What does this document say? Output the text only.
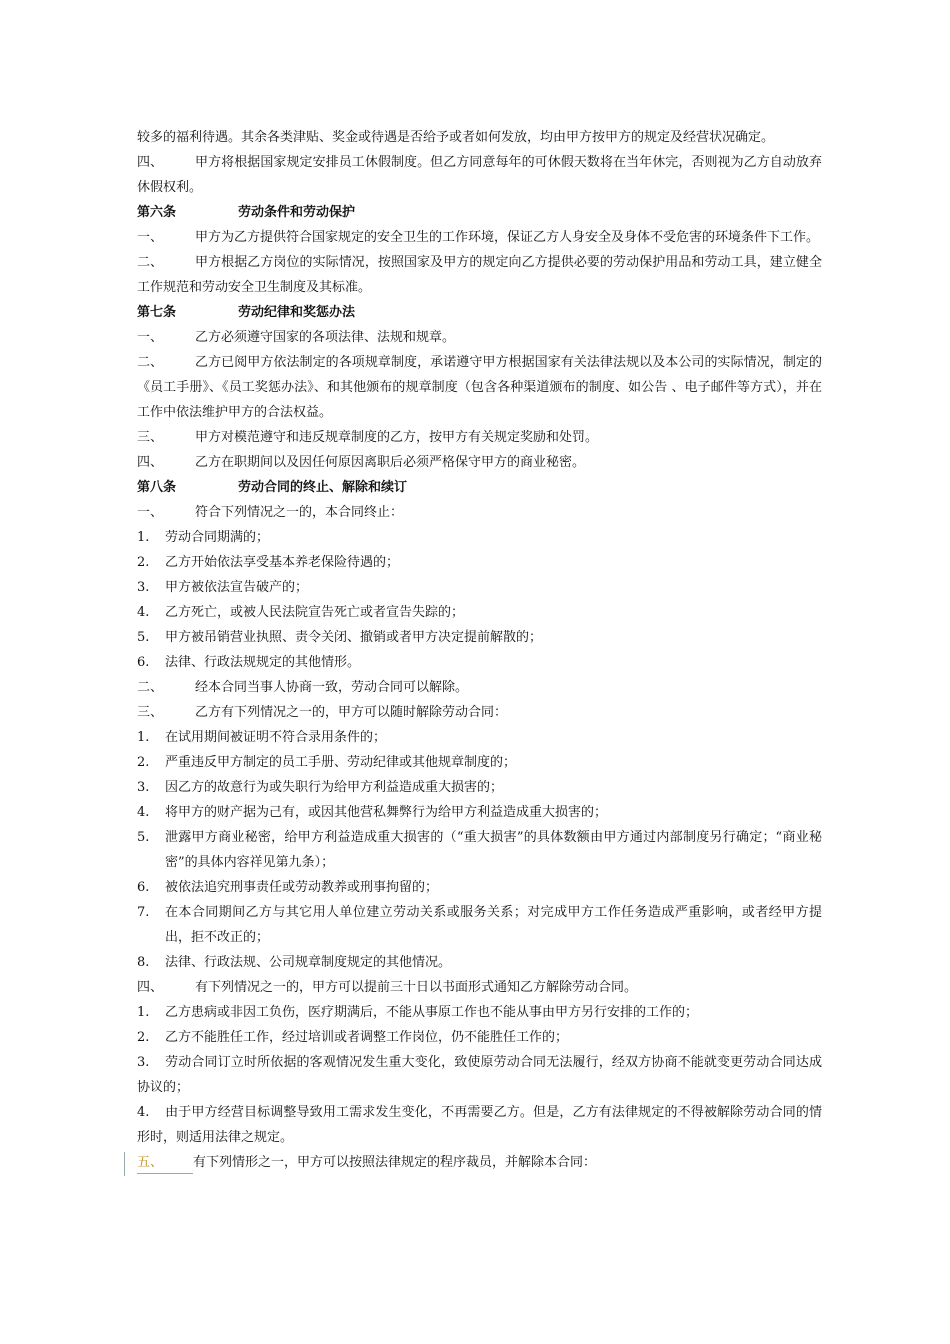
较多的福利待遇。其余各类津贴、奖金或待遇是否给予或者如何发放，均由甲方按甲方的规定及经营状况确定。
四、	甲方将根据国家规定安排员工休假制度。但乙方同意每年的可休假天数将在当年休完，否则视为乙方自动放弃休假权利。
第六条	劳动条件和劳动保护
一、	甲方为乙方提供符合国家规定的安全卫生的工作环境，保证乙方人身安全及身体不受危害的环境条件下工作。
二、	甲方根据乙方岗位的实际情况，按照国家及甲方的规定向乙方提供必要的劳动保护用品和劳动工具，建立健全工作规范和劳动安全卫生制度及其标准。
第七条	劳动纪律和奖惩办法
一、	乙方必须遵守国家的各项法律、法规和规章。
二、	乙方已阅甲方依法制定的各项规章制度，承诺遵守甲方根据国家有关法律法规以及本公司的实际情况，制定的《员工手册》、《员工奖惩办法》、和其他颁布的规章制度（包含各种渠道颁布的制度、如公告 、电子邮件等方式），并在工作中依法维护甲方的合法权益。
三、	甲方对模范遵守和违反规章制度的乙方，按甲方有关规定奖励和处罚。
四、	乙方在职期间以及因任何原因离职后必须严格保守甲方的商业秘密。
第八条	劳动合同的终止、解除和续订
一、	符合下列情况之一的，本合同终止：
1. 劳动合同期满的；
2. 乙方开始依法享受基本养老保险待遇的；
3. 甲方被依法宣告破产的；
4. 乙方死亡，或被人民法院宣告死亡或者宣告失踪的；
5. 甲方被吊销营业执照、责令关闭、撤销或者甲方决定提前解散的；
6. 法律、行政法规规定的其他情形。
二、	经本合同当事人协商一致，劳动合同可以解除。
三、	乙方有下列情况之一的，甲方可以随时解除劳动合同：
1. 在试用期间被证明不符合录用条件的；
2. 严重违反甲方制定的员工手册、劳动纪律或其他规章制度的；
3. 因乙方的故意行为或失职行为给甲方利益造成重大损害的；
4. 将甲方的财产据为己有，或因其他营私舞弊行为给甲方利益造成重大损害的；
5. 泄露甲方商业秘密，给甲方利益造成重大损害的（“重大损害”的具体数额由甲方通过内部制度另行确定；“商业秘密”的具体内容祥见第九条）；
6. 被依法追究刑事责任或劳动教养或刑事拘留的；
7. 在本合同期间乙方与其它用人单位建立劳动关系或服务关系；对完成甲方工作任务造成严重影响，或者经甲方提出，拒不改正的；
8. 法律、行政法规、公司规章制度规定的其他情况。
四、	有下列情况之一的，甲方可以提前三十日以书面形式通知乙方解除劳动合同。
1. 乙方患病或非因工负伤，医疗期满后，不能从事原工作也不能从事由甲方另行安排的工作的；
2. 乙方不能胜任工作，经过培训或者调整工作岗位，仍不能胜任工作的；
3. 劳动合同订立时所依据的客观情况发生重大变化，致使原劳动合同无法履行，经双方协商不能就变更劳动合同达成协议的；
4. 由于甲方经营目标调整导致用工需求发生变化，不再需要乙方。但是，乙方有法律规定的不得被解除劳动合同的情形时，则适用法律之规定。
五、 有下列情形之一，甲方可以按照法律规定的程序裁员，并解除本合同：
